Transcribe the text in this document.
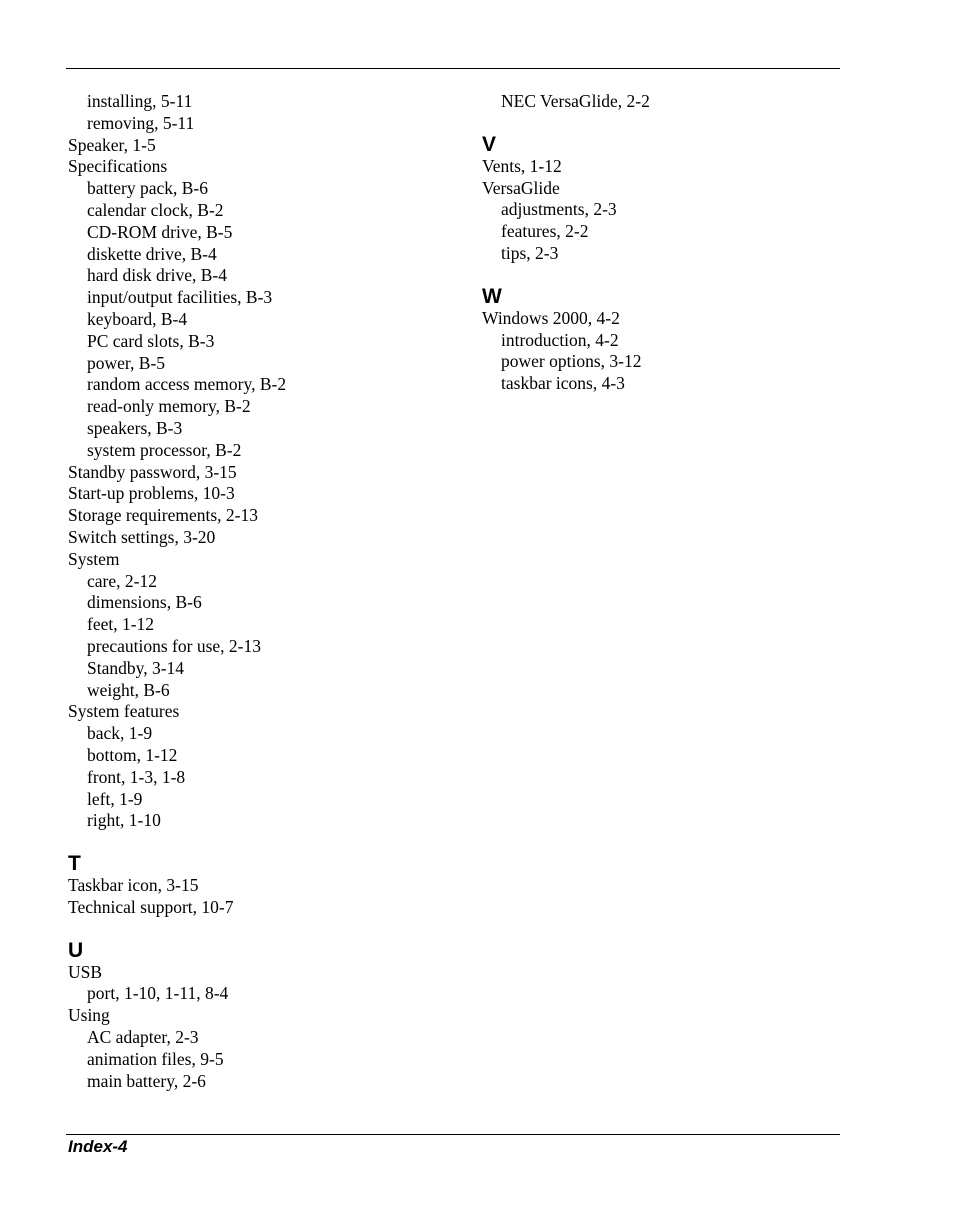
installing, 5-11
removing, 5-11
Speaker, 1-5
Specifications
battery pack, B-6
calendar clock, B-2
CD-ROM drive, B-5
diskette drive, B-4
hard disk drive, B-4
input/output facilities, B-3
keyboard, B-4
PC card slots, B-3
power, B-5
random access memory, B-2
read-only memory, B-2
speakers, B-3
system processor, B-2
Standby password, 3-15
Start-up problems, 10-3
Storage requirements, 2-13
Switch settings, 3-20
System
care, 2-12
dimensions, B-6
feet, 1-12
precautions for use, 2-13
Standby, 3-14
weight, B-6
System features
back, 1-9
bottom, 1-12
front, 1-3, 1-8
left, 1-9
right, 1-10
T
Taskbar icon, 3-15
Technical support, 10-7
U
USB
port, 1-10, 1-11, 8-4
Using
AC adapter, 2-3
animation files, 9-5
main battery, 2-6
NEC VersaGlide, 2-2
V
Vents, 1-12
VersaGlide
adjustments, 2-3
features, 2-2
tips, 2-3
W
Windows 2000, 4-2
introduction, 4-2
power options, 3-12
taskbar icons, 4-3
Index-4
